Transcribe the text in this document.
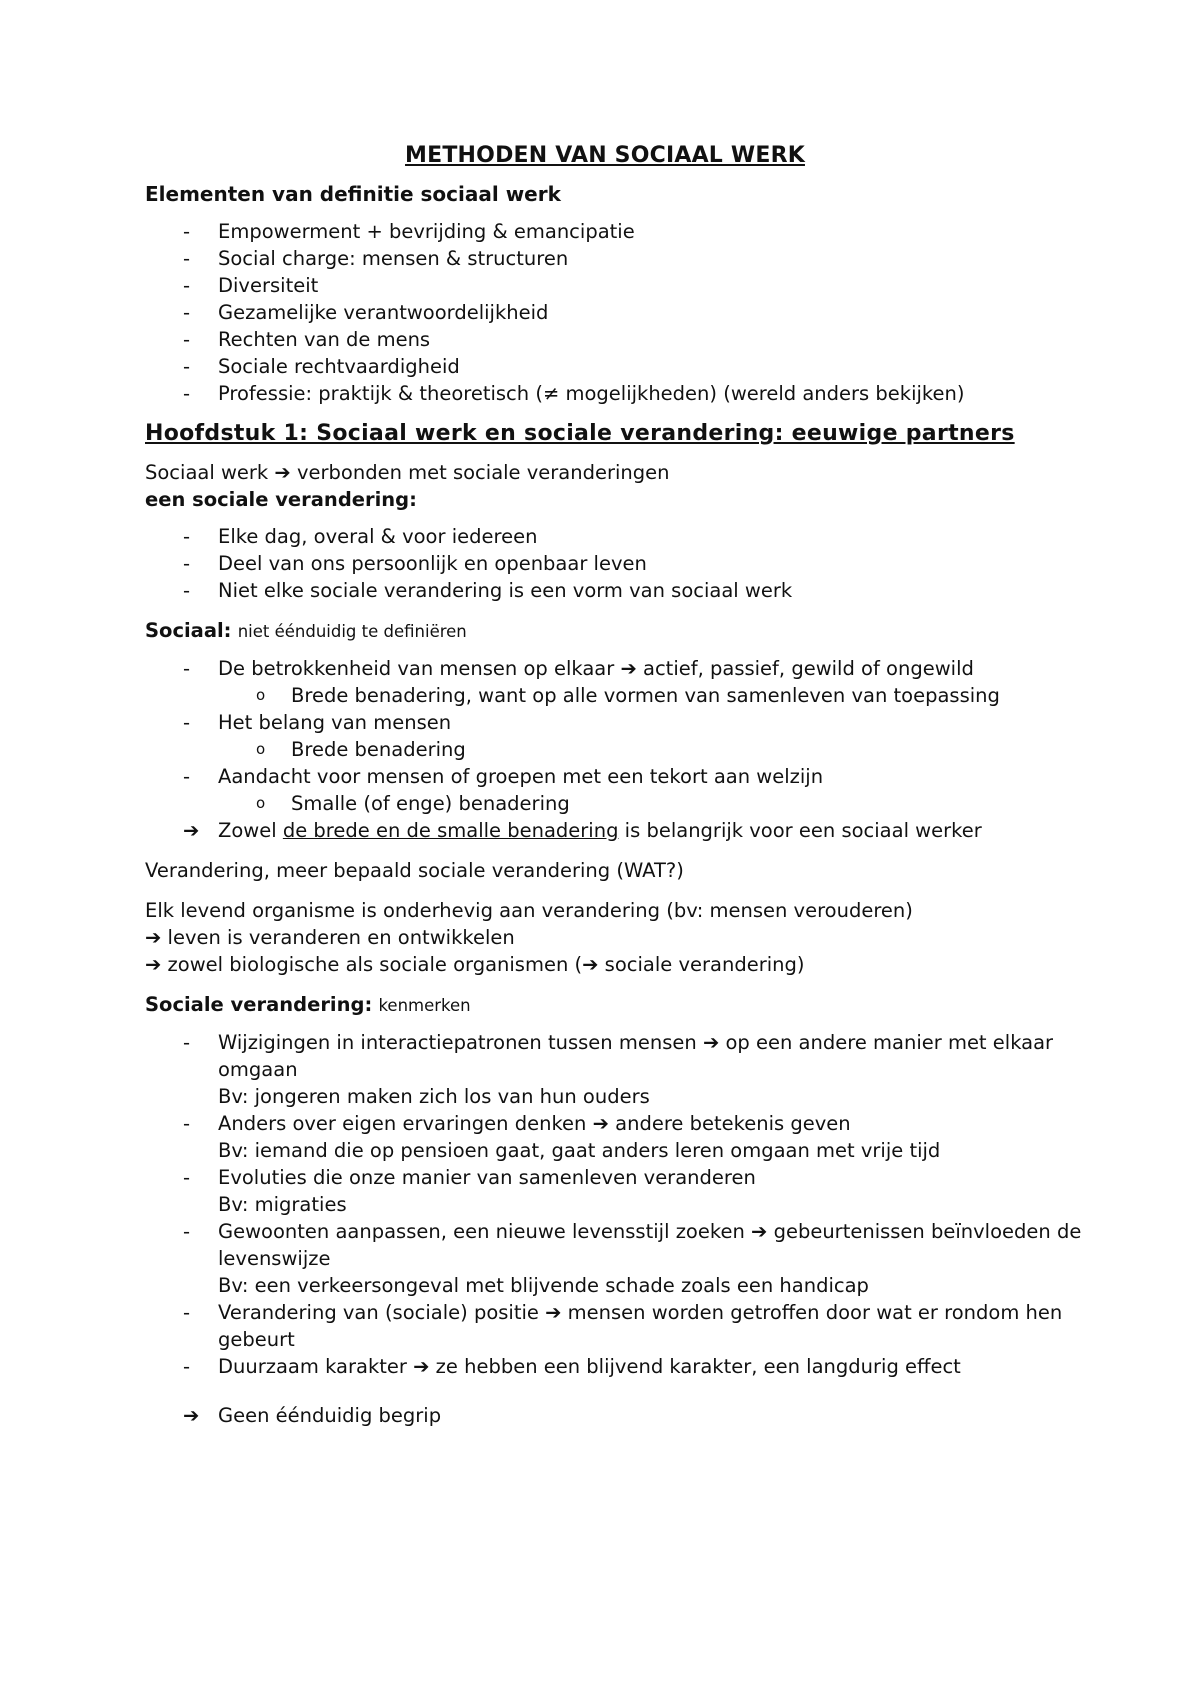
METHODEN VAN SOCIAAL WERK
Elementen van definitie sociaal werk
- Empowerment + bevrijding & emancipatie
- Social charge: mensen & structuren
- Diversiteit
- Gezamelijke verantwoordelijkheid
- Rechten van de mens
- Sociale rechtvaardigheid
- Professie: praktijk & theoretisch (≠ mogelijkheden) (wereld anders bekijken)
Hoofdstuk 1: Sociaal werk en sociale verandering: eeuwige partners
Sociaal werk ➔ verbonden met sociale veranderingen
een sociale verandering:
- Elke dag, overal & voor iedereen
- Deel van ons persoonlijk en openbaar leven
- Niet elke sociale verandering is een vorm van sociaal werk
Sociaal: niet éénduidig te definiëren
- De betrokkenheid van mensen op elkaar ➔ actief, passief, gewild of ongewild
o Brede benadering, want op alle vormen van samenleven van toepassing
- Het belang van mensen
o Brede benadering
- Aandacht voor mensen of groepen met een tekort aan welzijn
o Smalle (of enge) benadering
➔ Zowel de brede en de smalle benadering is belangrijk voor een sociaal werker
Verandering, meer bepaald sociale verandering (WAT?)
Elk levend organisme is onderhevig aan verandering (bv: mensen verouderen)
➔ leven is veranderen en ontwikkelen
➔ zowel biologische als sociale organismen (➔ sociale verandering)
Sociale verandering: kenmerken
- Wijzigingen in interactiepatronen tussen mensen ➔ op een andere manier met elkaar omgaan
Bv: jongeren maken zich los van hun ouders
- Anders over eigen ervaringen denken ➔ andere betekenis geven
Bv: iemand die op pensioen gaat, gaat anders leren omgaan met vrije tijd
- Evoluties die onze manier van samenleven veranderen
Bv: migraties
- Gewoonten aanpassen, een nieuwe levensstijl zoeken ➔ gebeurtenissen beïnvloeden de levenswijze
Bv: een verkeersongeval met blijvende schade zoals een handicap
- Verandering van (sociale) positie ➔ mensen worden getroffen door wat er rondom hen gebeurt
- Duurzaam karakter ➔ ze hebben een blijvend karakter, een langdurig effect
➔ Geen éénduidig begrip
